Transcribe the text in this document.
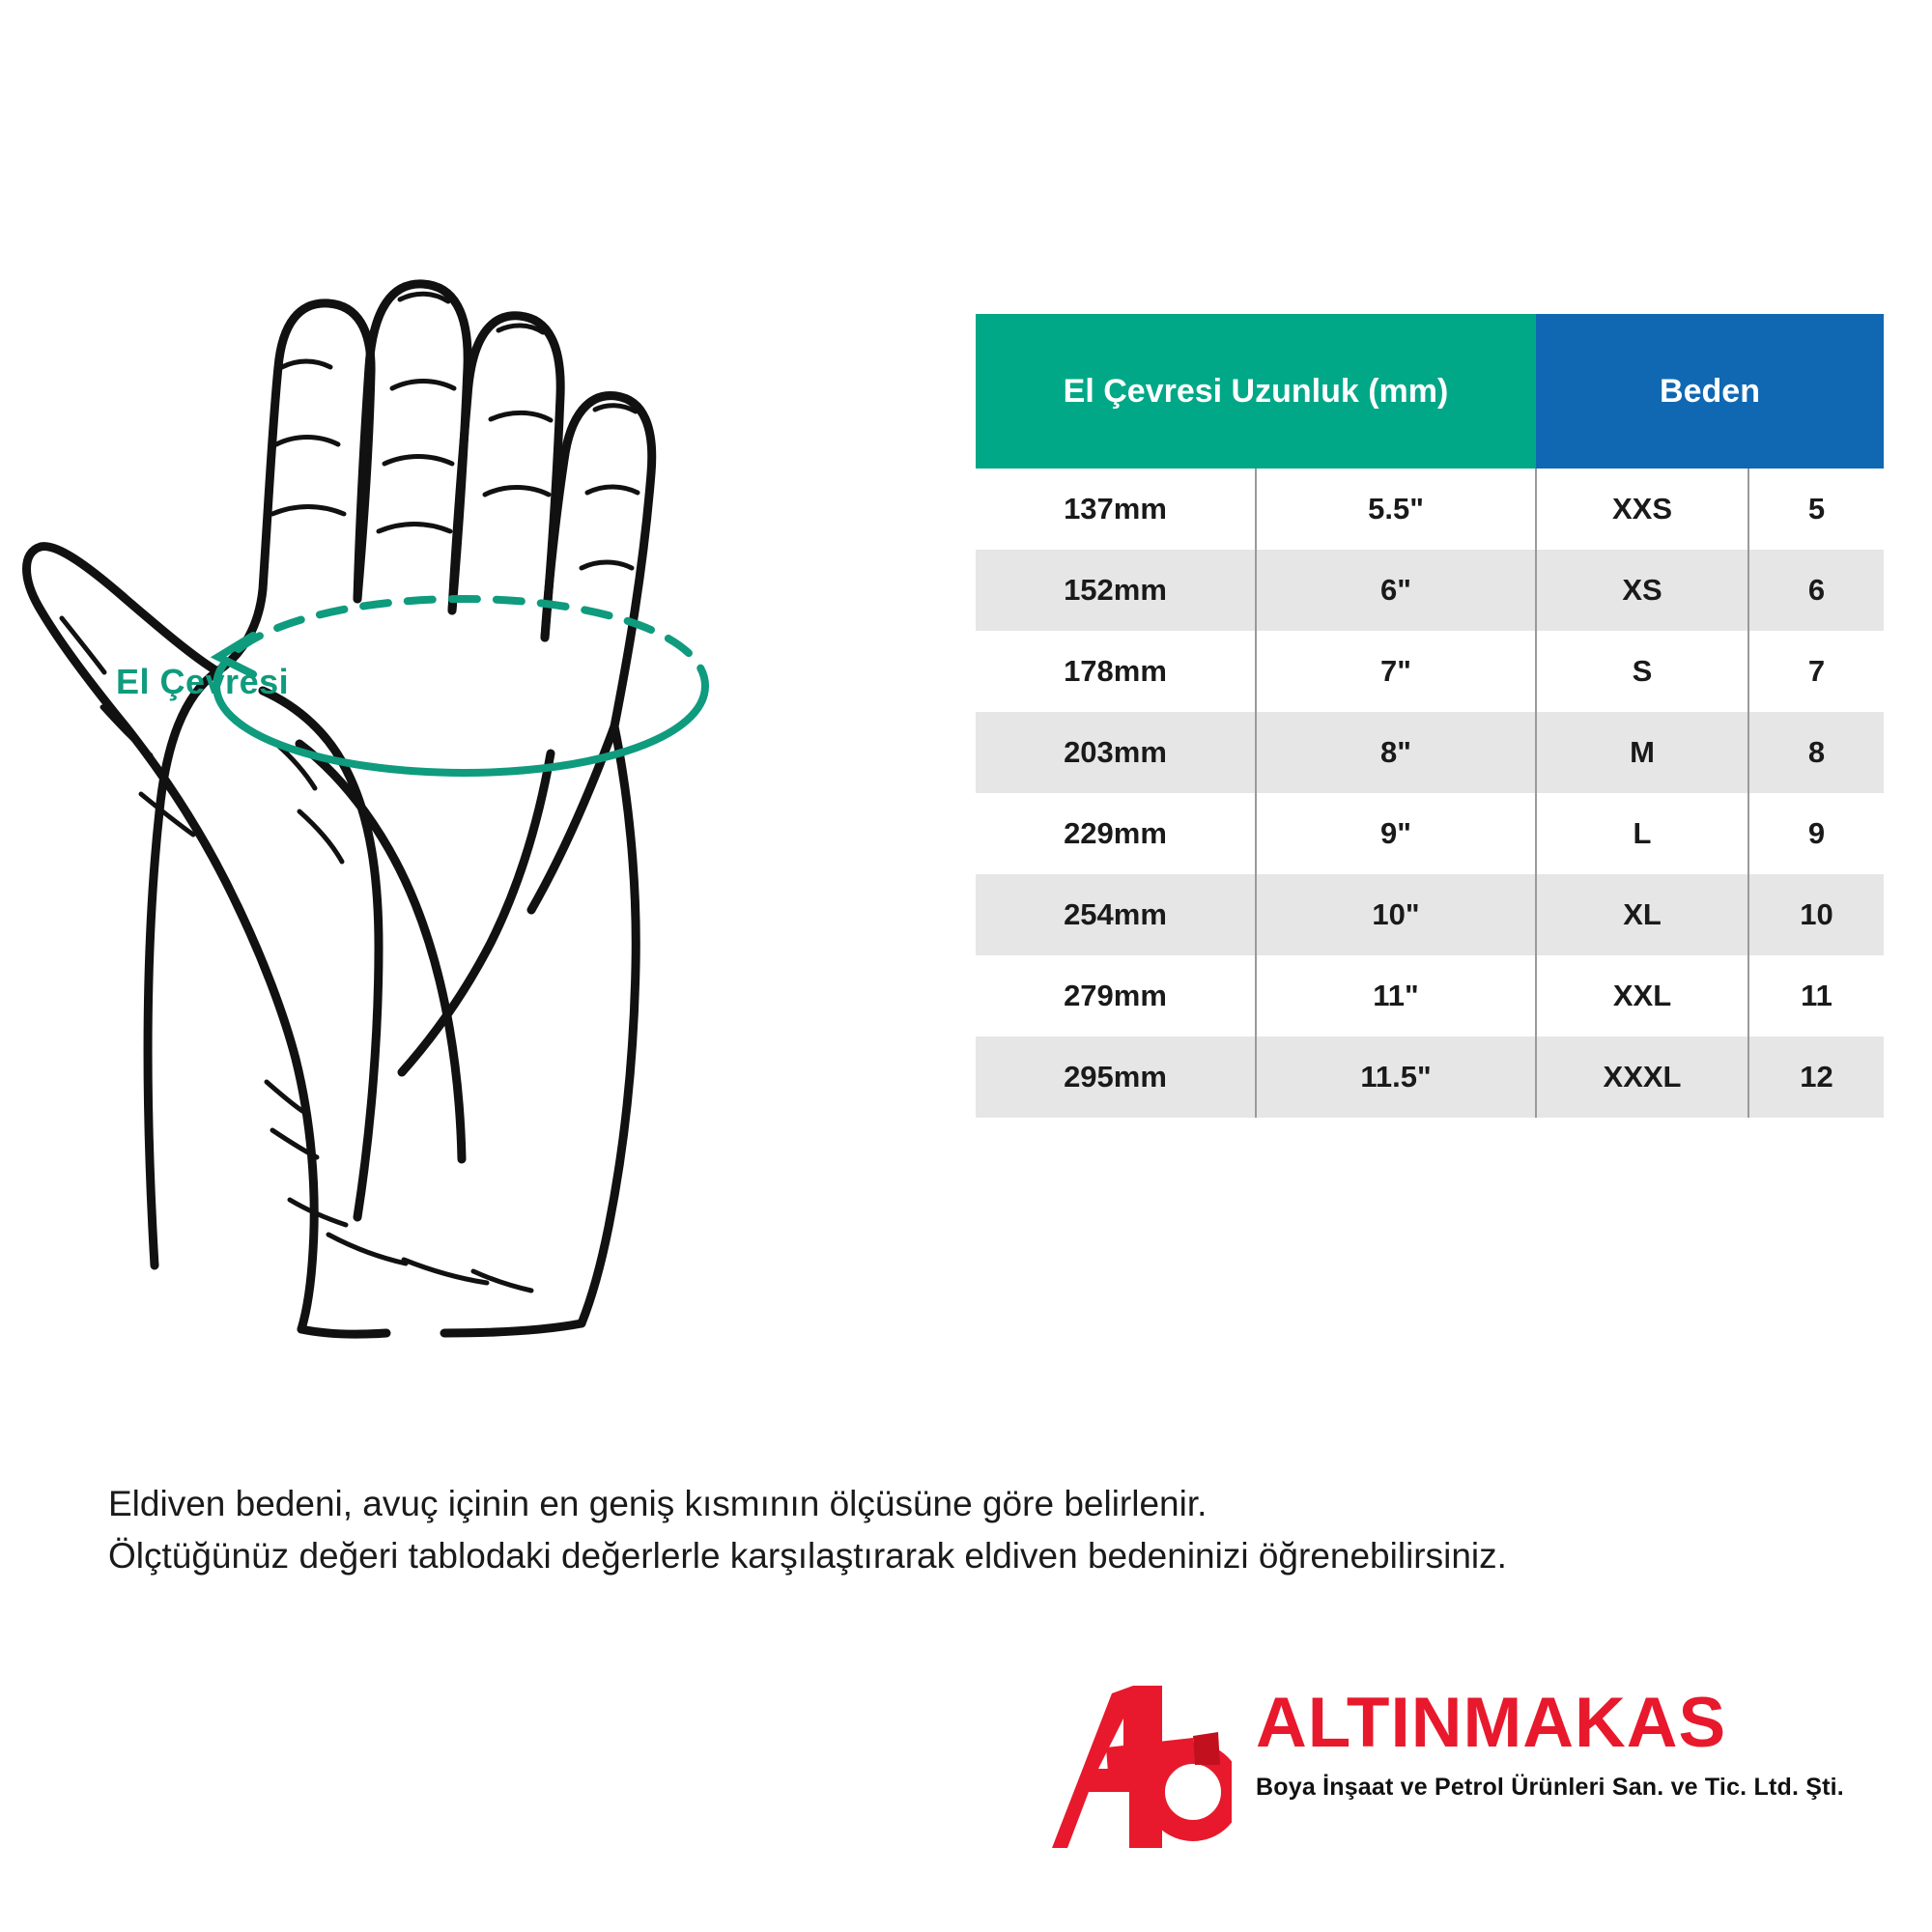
El Çevresi
El Çevresi Uzunluk (mm)		Beden	
137mm	5.5"	XXS	5
152mm	6"	XS	6
178mm	7"	S	7
203mm	8"	M	8
229mm	9"	L	9
254mm	10"	XL	10
279mm	11"	XXL	11
295mm	11.5"	XXXL	12
Eldiven bedeni, avuç içinin en geniş kısmının ölçüsüne göre belirlenir.
Ölçtüğünüz değeri tablodaki değerlerle karşılaştırarak eldiven bedeninizi öğrenebilirsiniz.
ALTINMAKAS
Boya İnşaat ve Petrol Ürünleri San. ve Tic. Ltd. Şti.
